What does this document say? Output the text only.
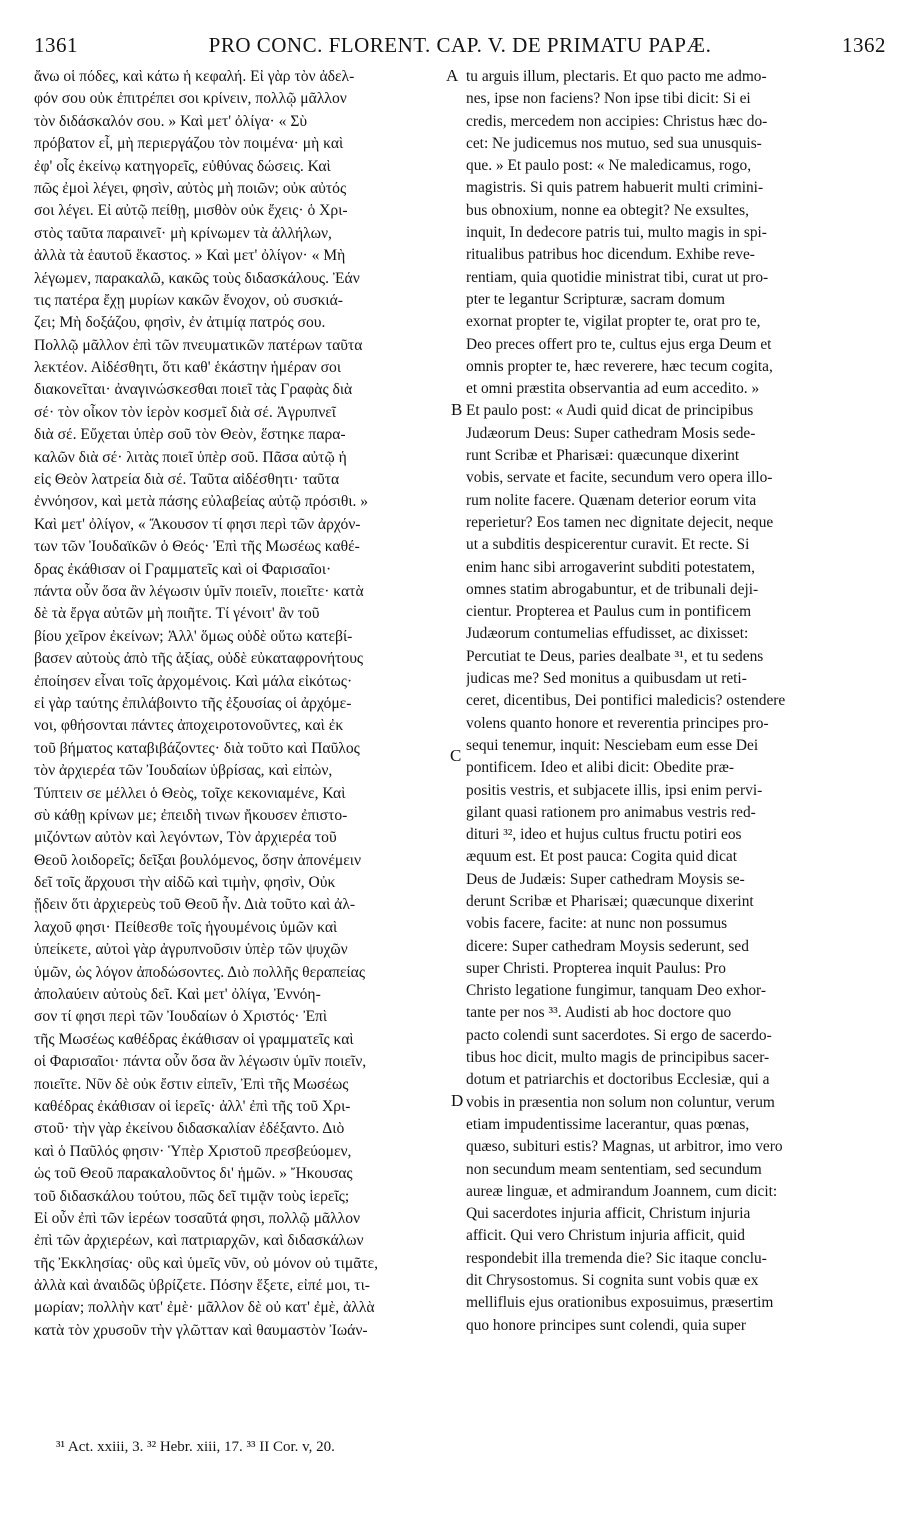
1361	PRO CONC. FLORENT. CAP. V. DE PRIMATU PAPÆ.	1362
ἄνω οἱ πόδες, καὶ κάτω ἡ κεφαλή. Εἰ γὰρ τὸν ἀδελ-
φόν σου οὐκ ἐπιτρέπει σοι κρίνειν, πολλῷ μᾶλλον
τὸν διδάσκαλόν σου. » Καὶ μετ' ὀλίγα· « Σὺ
πρόβατον εἶ, μὴ περιεργάζου τὸν ποιμένα· μὴ καὶ
ἐφ' οἷς ἐκείνῳ κατηγορεῖς, εὐθύνας δώσεις. Καὶ
πῶς ἐμοὶ λέγει, φησὶν, αὐτὸς μὴ ποιῶν; οὐκ αὐτός
σοι λέγει. Εἰ αὐτῷ πείθῃ, μισθὸν οὐκ ἔχεις· ὁ Χρι-
στὸς ταῦτα παραινεῖ· μὴ κρίνωμεν τὰ ἀλλήλων,
ἀλλὰ τὰ ἑαυτοῦ ἕκαστος. » Καὶ μετ' ὀλίγον· « Μὴ
λέγωμεν, παρακαλῶ, κακῶς τοὺς διδασκάλους. Ἐάν
τις πατέρα ἔχῃ μυρίων κακῶν ἔνοχον, οὐ συσκιά-
ζει; Μὴ δοξάζου, φησὶν, ἐν ἀτιμίᾳ πατρός σου.
Πολλῷ μᾶλλον ἐπὶ τῶν πνευματικῶν πατέρων ταῦτα
λεκτέον. Αἰδέσθητι, ὅτι καθ' ἑκάστην ἡμέραν σοι
διακονεῖται· ἀναγινώσκεσθαι ποιεῖ τὰς Γραφὰς διὰ
σέ· τὸν οἶκον τὸν ἱερὸν κοσμεῖ διὰ σέ. Ἀγρυπνεῖ
διὰ σέ. Εὔχεται ὑπὲρ σοῦ τὸν Θεὸν, ἕστηκε παρα-
καλῶν διὰ σέ· λιτὰς ποιεῖ ὑπὲρ σοῦ. Πᾶσα αὐτῷ ἡ
εἰς Θεὸν λατρεία διὰ σέ. Ταῦτα αἰδέσθητι· ταῦτα
ἐννόησον, καὶ μετὰ πάσης εὐλαβείας αὐτῷ πρόσιθι. »
Καὶ μετ' ὀλίγον, « Ἄκουσον τί φησι περὶ τῶν ἀρχόν-
των τῶν Ἰουδαϊκῶν ὁ Θεός· Ἐπὶ τῆς Μωσέως καθέ-
δρας ἐκάθισαν οἱ Γραμματεῖς καὶ οἱ Φαρισαῖοι·
πάντα οὖν ὅσα ἂν λέγωσιν ὑμῖν ποιεῖν, ποιεῖτε· κατὰ
δὲ τὰ ἔργα αὐτῶν μὴ ποιῆτε. Τί γένοιτ' ἂν τοῦ
βίου χεῖρον ἐκείνων; Ἀλλ' ὅμως οὐδὲ οὕτω κατεβί-
βασεν αὐτοὺς ἀπὸ τῆς ἀξίας, οὐδὲ εὐκαταφρονήτους
ἐποίησεν εἶναι τοῖς ἀρχομένοις. Καὶ μάλα εἰκότως·
εἰ γὰρ ταύτης ἐπιλάβοιντο τῆς ἐξουσίας οἱ ἀρχόμε-
νοι, φθήσονται πάντες ἀποχειροτονοῦντες, καὶ ἐκ
τοῦ βήματος καταβιβάζοντες· διὰ τοῦτο καὶ Παῦλος
τὸν ἀρχιερέα τῶν Ἰουδαίων ὑβρίσας, καὶ εἰπὼν,
Τύπτειν σε μέλλει ὁ Θεὸς, τοῖχε κεκονιαμένε, Καὶ
σὺ κάθῃ κρίνων με; ἐπειδὴ τινων ἤκουσεν ἐπιστο-
μιζόντων αὐτὸν καὶ λεγόντων, Τὸν ἀρχιερέα τοῦ
Θεοῦ λοιδορεῖς; δεῖξαι βουλόμενος, ὅσην ἀπονέμειν
δεῖ τοῖς ἄρχουσι τὴν αἰδῶ καὶ τιμὴν, φησὶν, Οὐκ
ᾔδειν ὅτι ἀρχιερεὺς τοῦ Θεοῦ ἦν. Διὰ τοῦτο καὶ ἀλ-
λαχοῦ φησι· Πείθεσθε τοῖς ἡγουμένοις ὑμῶν καὶ
ὑπείκετε, αὐτοὶ γὰρ ἀγρυπνοῦσιν ὑπὲρ τῶν ψυχῶν
ὑμῶν, ὡς λόγον ἀποδώσοντες. Διὸ πολλῆς θεραπείας
ἀπολαύειν αὐτοὺς δεῖ. Καὶ μετ' ὀλίγα, Ἐννόη-
σον τί φησι περὶ τῶν Ἰουδαίων ὁ Χριστός· Ἐπὶ
τῆς Μωσέως καθέδρας ἐκάθισαν οἱ γραμματεῖς καὶ
οἱ Φαρισαῖοι· πάντα οὖν ὅσα ἂν λέγωσιν ὑμῖν ποιεῖν,
ποιεῖτε. Νῦν δὲ οὐκ ἔστιν εἰπεῖν, Ἐπὶ τῆς Μωσέως
καθέδρας ἐκάθισαν οἱ ἱερεῖς· ἀλλ' ἐπὶ τῆς τοῦ Χρι-
στοῦ· τὴν γὰρ ἐκείνου διδασκαλίαν ἐδέξαντο. Διὸ
καὶ ὁ Παῦλός φησιν· Ὑπὲρ Χριστοῦ πρεσβεύομεν,
ὡς τοῦ Θεοῦ παρακαλοῦντος δι' ἡμῶν. » Ἤκουσας
τοῦ διδασκάλου τούτου, πῶς δεῖ τιμᾷν τοὺς ἱερεῖς;
Εἰ οὖν ἐπὶ τῶν ἱερέων τοσαῦτά φησι, πολλῷ μᾶλλον
ἐπὶ τῶν ἀρχιερέων, καὶ πατριαρχῶν, καὶ διδασκάλων
τῆς Ἐκκλησίας· οὓς καὶ ὑμεῖς νῦν, οὐ μόνον οὐ τιμᾶτε,
ἀλλὰ καὶ ἀναιδῶς ὑβρίζετε. Πόσην ἕξετε, εἰπέ μοι, τι-
μωρίαν; πολλὴν κατ' ἐμὲ· μᾶλλον δὲ οὐ κατ' ἐμὲ, ἀλλὰ
κατὰ τὸν χρυσοῦν τὴν γλῶτταν καὶ θαυμαστὸν Ἰωάν-
tu arguis illum, plectaris. Et quo pacto me admo-
nes, ipse non faciens? Non ipse tibi dicit: Si ei
credis, mercedem non accipies: Christus hæc do-
cet: Ne judicemus nos mutuo, sed sua unusquis-
que. » Et paulo post: « Ne maledicamus, rogo,
magistris. Si quis patrem habuerit multi crimini-
bus obnoxium, nonne ea obtegit? Ne exsultes,
inquit, In dedecore patris tui, multo magis in spi-
ritualibus patribus hoc dicendum. Exhibe reve-
rentiam, quia quotidie ministrat tibi, curat ut pro-
pter te legantur Scripturæ, sacram domum
exornat propter te, vigilat propter te, orat pro te,
Deo preces offert pro te, cultus ejus erga Deum et
omnis propter te, hæc reverere, hæc tecum cogita,
et omni præstita observantia ad eum accedito. »
Et paulo post: « Audi quid dicat de principibus
Judæorum Deus: Super cathedram Mosis sede-
runt Scribæ et Pharisæi: quæcunque dixerint
vobis, servate et facite, secundum vero opera illo-
rum nolite facere. Quænam deterior eorum vita
reperietur? Eos tamen nec dignitate dejecit, neque
ut a subditis despicerentur curavit. Et recte. Si
enim hanc sibi arrogaverint subditi potestatem,
omnes statim abrogabuntur, et de tribunali deji-
cientur. Propterea et Paulus cum in pontificem
Judæorum contumelias effudisset, ac dixisset:
Percutiat te Deus, paries dealbate ³¹, et tu sedens
judicas me? Sed monitus a quibusdam ut reti-
ceret, dicentibus, Dei pontifici maledicis? ostendere
volens quanto honore et reverentia principes pro-
sequi tenemur, inquit: Nesciebam eum esse Dei
pontificem. Ideo et alibi dicit: Obedite præ-
positis vestris, et subjacete illis, ipsi enim pervi-
gilant quasi rationem pro animabus vestris red-
dituri ³², ideo et hujus cultus fructu potiri eos
æquum est. Et post pauca: Cogita quid dicat
Deus de Judæis: Super cathedram Moysis se-
derunt Scribæ et Pharisæi; quæcunque dixerint
vobis facere, facite: at nunc non possumus
dicere: Super cathedram Moysis sederunt, sed
super Christi. Propterea inquit Paulus: Pro
Christo legatione fungimur, tanquam Deo exhor-
tante per nos ³³. Audisti ab hoc doctore quo
pacto colendi sunt sacerdotes. Si ergo de sacerdo-
tibus hoc dicit, multo magis de principibus sacer-
dotum et patriarchis et doctoribus Ecclesiæ, qui a
vobis in præsentia non solum non coluntur, verum
etiam impudentissime lacerantur, quas pœnas,
quæso, subituri estis? Magnas, ut arbitror, imo vero
non secundum meam sententiam, sed secundum
aureæ linguæ, et admirandum Joannem, cum dicit:
Qui sacerdotes injuria afficit, Christum injuria
afficit. Qui vero Christum injuria afficit, quid
respondebit illa tremenda die? Sic itaque conclu-
dit Chrysostomus. Si cognita sunt vobis quæ ex
mellifluis ejus orationibus exposuimus, præsertim
quo honore principes sunt colendi, quia super
A
B
C
D
³¹ Act. xxiii, 3. ³² Hebr. xiii, 17. ³³ II Cor. v, 20.
